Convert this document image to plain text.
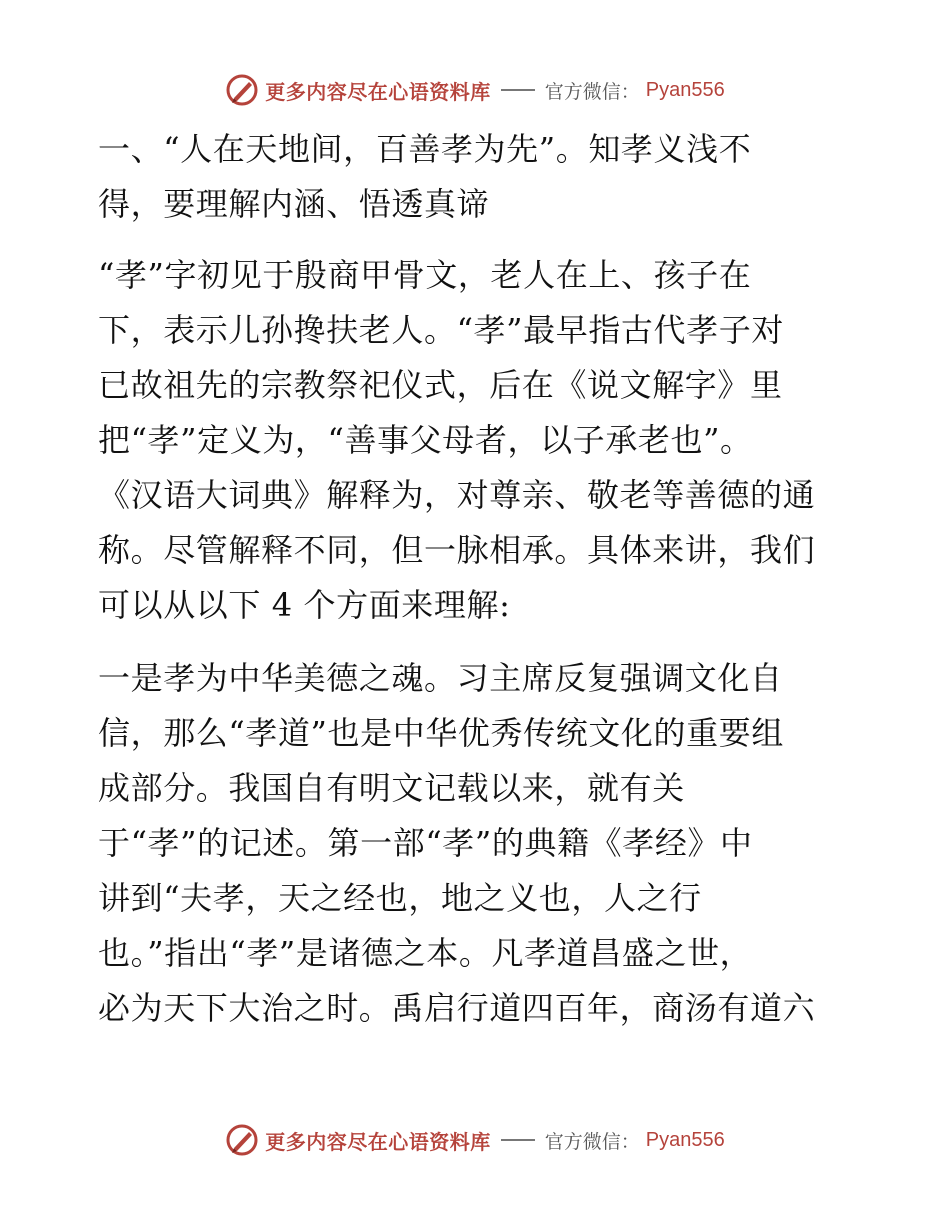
更多内容尽在心语资料库	官方微信： Pyan556
一、“人在天地间，百善孝为先”。知孝义浅不
得，要理解内涵、悟透真谛
“孝”字初见于殷商甲骨文，老人在上、孩子在
下，表示儿孙搀扶老人。“孝”最早指古代孝子对
已故祖先的宗教祭祀仪式，后在《说文解字》里
把“孝”定义为，“善事父母者，以子承老也”。
《汉语大词典》解释为，对尊亲、敬老等善德的通
称。尽管解释不同，但一脉相承。具体来讲，我们
可以从以下 4 个方面来理解:
一是孝为中华美德之魂。习主席反复强调文化自
信，那么“孝道”也是中华优秀传统文化的重要组
成部分。我国自有明文记载以来，就有关
于“孝”的记述。第一部“孝”的典籍《孝经》中
讲到“夫孝，天之经也，地之义也，人之行
也。”指出“孝”是诸德之本。凡孝道昌盛之世，
必为天下大治之时。禹启行道四百年，商汤有道六
更多内容尽在心语资料库	官方微信： Pyan556
